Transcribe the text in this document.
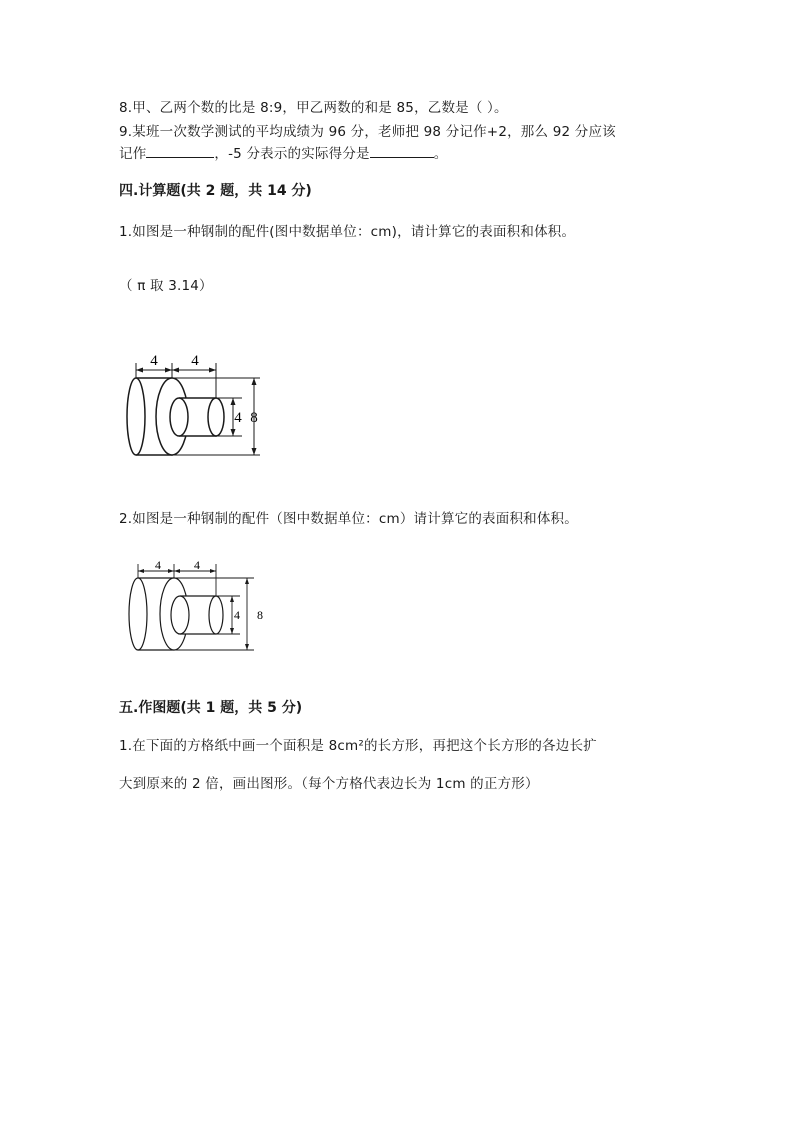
8.甲、乙两个数的比是 8:9，甲乙两数的和是 85，乙数是（ ）。
9.某班一次数学测试的平均成绩为 96 分，老师把 98 分记作+2，那么 92 分应该
记作	，-5 分表示的实际得分是	。
四.计算题(共 2 题，共 14 分)
1.如图是一种钢制的配件(图中数据单位：cm)，请计算它的表面积和体积。
（ π 取 3.14）
4 4
4 8
2.如图是一种钢制的配件（图中数据单位：cm）请计算它的表面积和体积。
4	4
4 8
五.作图题(共 1 题，共 5 分)
1.在下面的方格纸中画一个面积是 8cm²的长方形，再把这个长方形的各边长扩
大到原来的 2 倍，画出图形。（每个方格代表边长为 1cm 的正方形）
